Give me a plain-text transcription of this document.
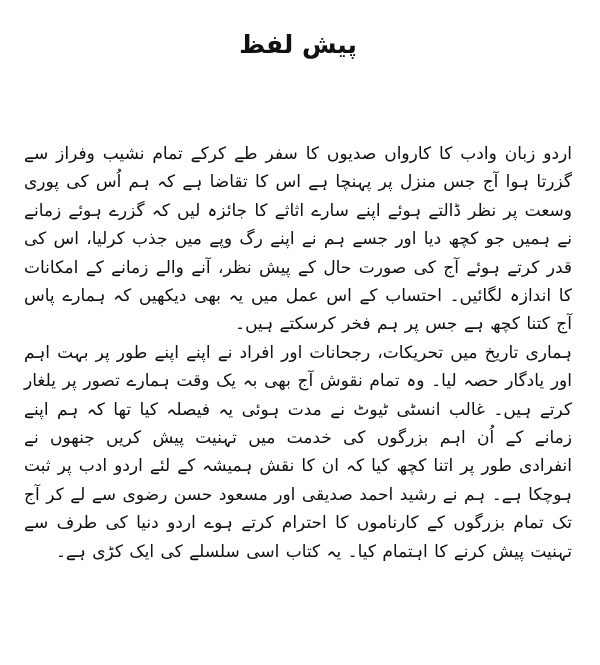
پیش لفظ

اردو زبان وادب کا کارواں صدیوں کا سفر طے کرکے تمام نشیب وفراز سے گزرتا ہوا آج جس منزل پر پہنچا ہے اس کا تقاضا ہے کہ ہم اُس کی پوری وسعت پر نظر ڈالتے ہوئے اپنے سارے اثاثے کا جائزہ لیں کہ گزرے ہوئے زمانے نے ہمیں جو کچھ دیا اور جسے ہم نے اپنے رگ وپے میں جذب کرلیا، اس کی قدر کرتے ہوئے آج کی صورت حال کے پیش نظر، آنے والے زمانے کے امکانات کا اندازہ لگائیں۔ احتساب کے اس عمل میں یہ بھی دیکھیں کہ ہمارے پاس آج کتنا کچھ ہے جس پر ہم فخر کرسکتے ہیں۔

ہماری تاریخ میں تحریکات، رجحانات اور افراد نے اپنے اپنے طور پر بہت اہم اور یادگار حصہ لیا۔ وہ تمام نقوش آج بھی بہ یک وقت ہمارے تصور پر یلغار کرتے ہیں۔ غالب انسٹی ٹیوٹ نے مدت ہوئی یہ فیصلہ کیا تھا کہ ہم اپنے زمانے کے اُن اہم بزرگوں کی خدمت میں تہنیت پیش کریں جنھوں نے انفرادی طور پر اتنا کچھ کیا کہ ان کا نقش ہمیشہ کے لئے اردو ادب پر ثبت ہوچکا ہے۔ ہم نے رشید احمد صدیقی اور مسعود حسن رضوی سے لے کر آج تک تمام بزرگوں کے کارناموں کا احترام کرتے ہوے اردو دنیا کی طرف سے تہنیت پیش کرنے کا اہتمام کیا۔ یہ کتاب اسی سلسلے کی ایک کڑی ہے۔
